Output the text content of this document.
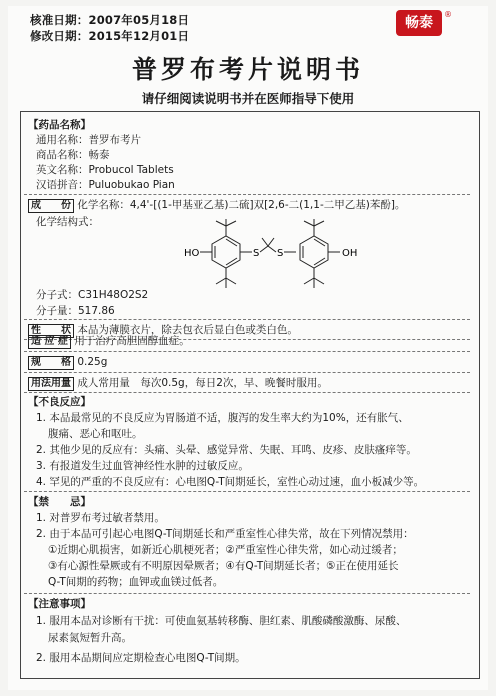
核准日期：2007年05月18日
修改日期：2015年12月01日
畅泰
®
普罗布考片说明书
请仔细阅读说明书并在医师指导下使用
【药品名称】
通用名称：普罗布考片
商品名称：畅泰
英文名称：Probucol Tablets
汉语拼音：Puluobukao Pian
成　　份 化学名称：4,4'-[(1-甲基亚乙基)二硫]双[2,6-二(1,1-二甲乙基)苯酚]。
化学结构式：
HO	S S	OH
分子式：C31H48O2S2
分子量：517.86
性　　状 本品为薄膜衣片，除去包衣后显白色或类白色。
适 应 症 用于治疗高胆固醇血症。
规　　格 0.25g
用法用量 成人常用量　每次0.5g，每日2次，早、晚餐时服用。
【不良反应】
1. 本品最常见的不良反应为胃肠道不适，腹泻的发生率大约为10%，还有胀气、
腹痛、恶心和呕吐。
2. 其他少见的反应有：头痛、头晕、感觉异常、失眠、耳鸣、皮疹、皮肤瘙痒等。
3. 有报道发生过血管神经性水肿的过敏反应。
4. 罕见的严重的不良反应有：心电图Q-T间期延长，室性心动过速，血小板减少等。
【禁　　忌】
1. 对普罗布考过敏者禁用。
2. 由于本品可引起心电图Q-T间期延长和严重室性心律失常，故在下列情况禁用：
①近期心肌损害，如新近心肌梗死者；②严重室性心律失常，如心动过缓者；
③有心源性晕厥或有不明原因晕厥者；④有Q-T间期延长者；⑤正在使用延长
Q-T间期的药物；血钾或血镁过低者。
【注意事项】
1. 服用本品对诊断有干扰：可使血氨基转移酶、胆红素、肌酸磷酸激酶、尿酸、
尿素氮短暂升高。
2. 服用本品期间应定期检查心电图Q-T间期。
